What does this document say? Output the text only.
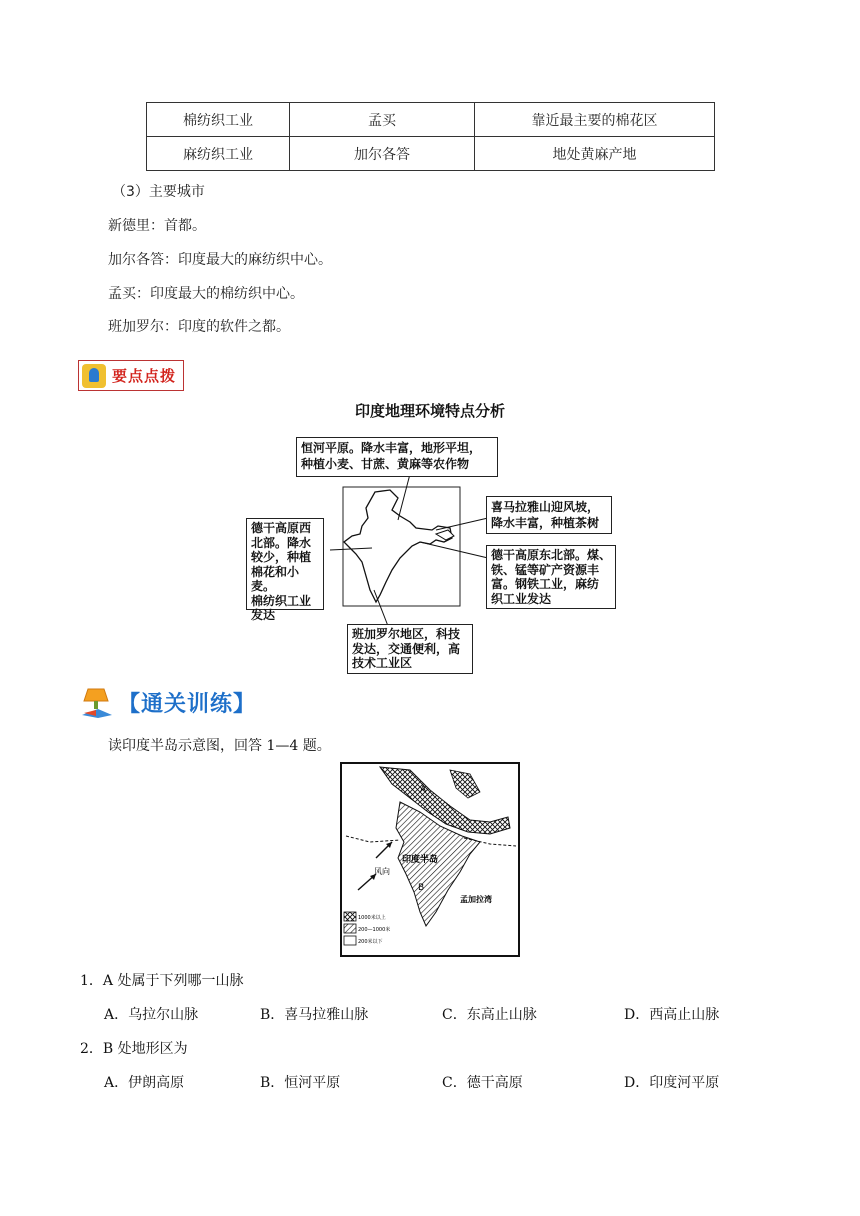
棉纺织工业	孟买	靠近最主要的棉花区
麻纺织工业	加尔各答	地处黄麻产地
（3）主要城市
新德里：首都。
加尔各答：印度最大的麻纺织中心。
孟买：印度最大的棉纺织中心。
班加罗尔：印度的软件之都。
要点点拨
印度地理环境特点分析
恒河平原。降水丰富，地形平坦，
种植小麦、甘蔗、黄麻等农作物
喜马拉雅山迎风坡，
降水丰富，种植茶树
德干高原西
北部。降水
较少，种植
棉花和小麦。
棉纺织工业
发达
德干高原东北部。煤、
铁、锰等矿产资源丰
富。钢铁工业，麻纺
织工业发达
班加罗尔地区，科技
发达，交通便利，高
技术工业区
【通关训练】
读印度半岛示意图，回答 1—4 题。
1000米以上
200—1000米
200米以下
A
B
印度半岛
孟加拉湾
风向
1．A 处属于下列哪一山脉
A．乌拉尔山脉	B．喜马拉雅山脉	C．东高止山脉	D．西高止山脉
2．B 处地形区为
A．伊朗高原	B．恒河平原	C．德干高原	D．印度河平原
